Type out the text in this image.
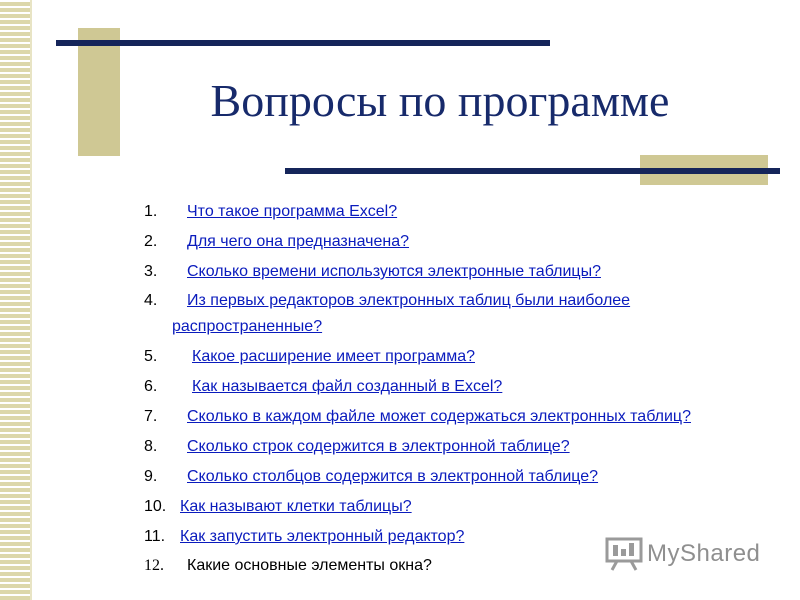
Вопросы по программе
1. Что такое программа Excel?
2. Для чего она предназначена?
3. Сколько времени используются электронные таблицы?
4. Из первых редакторов электронных таблиц были наиболее
распространенные?
5. Какое расширение имеет программа?
6. Как называется файл созданный в Excel?
7. Сколько в каждом файле может содержаться электронных таблиц?
8. Сколько строк содержится в электронной таблице?
9. Сколько столбцов содержится в электронной таблице?
10. Как называют клетки таблицы?
11. Как запустить электронный редактор?
12. Какие основные элементы окна?	MyShared
